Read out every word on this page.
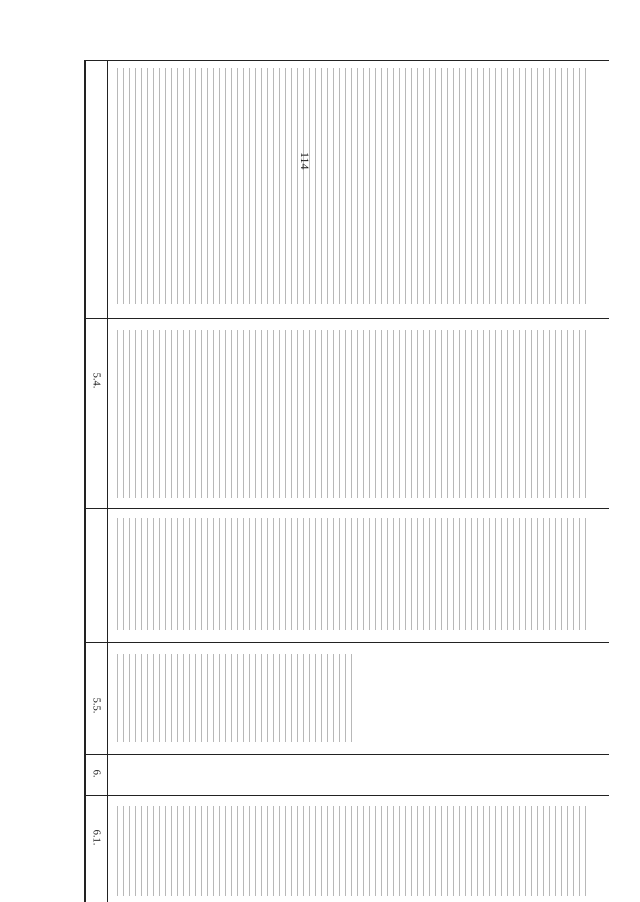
114
5.4.
5.5.
6.
6.1.
